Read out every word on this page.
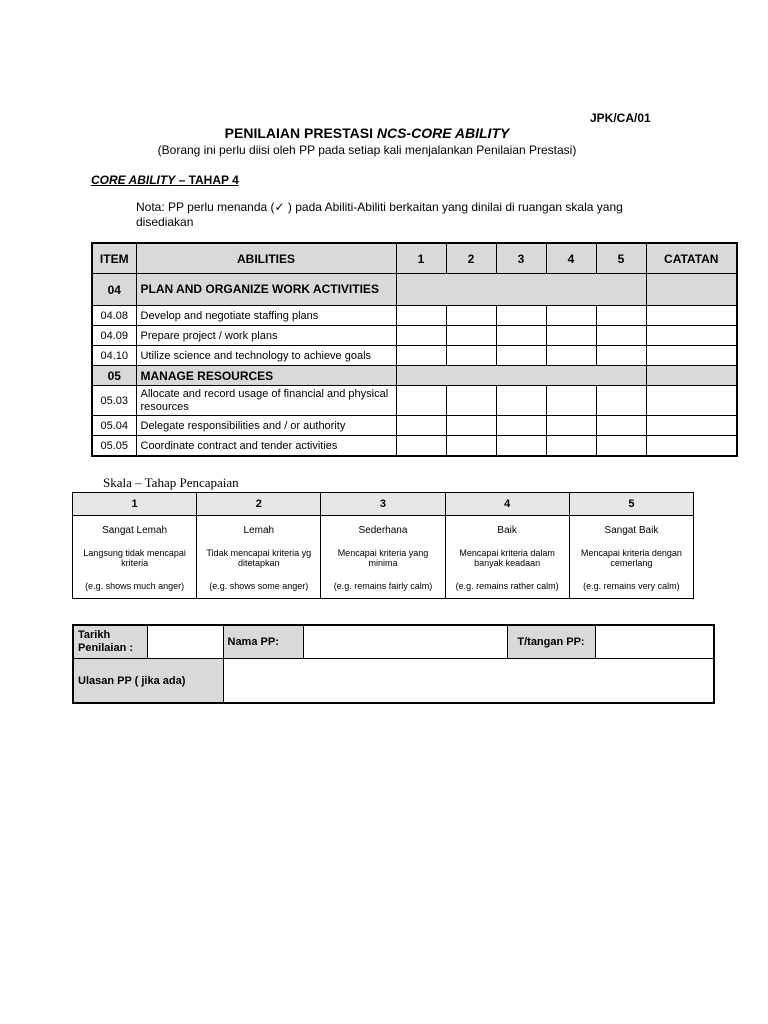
JPK/CA/01
PENILAIAN PRESTASI NCS-CORE ABILITY
(Borang ini perlu diisi oleh PP pada setiap kali menjalankan Penilaian Prestasi)
CORE ABILITY – TAHAP 4
Nota: PP perlu menanda (✓ ) pada Abiliti-Abiliti berkaitan yang dinilai di ruangan skala yang disediakan
ITEM	ABILITIES	1	2	3	4	5	CATATAN
04	PLAN AND ORGANIZE WORK ACTIVITIES						
04.08	Develop and negotiate staffing plans						
04.09	Prepare project / work plans						
04.10	Utilize science and technology to achieve goals						
05	MANAGE RESOURCES						
05.03	Allocate and record usage of financial and physical resources						
05.04	Delegate responsibilities and / or authority						
05.05	Coordinate contract and tender activities						
Skala – Tahap Pencapaian
1	2	3	4	5
Sangat Lemah	Lemah	Sederhana	Baik	Sangat Baik
Langsung tidak mencapai kriteria	Tidak mencapai kriteria yg ditetapkan	Mencapai kriteria yang minima	Mencapai kriteria dalam banyak keadaan	Mencapai kriteria dengan cemerlang
(e.g. shows much anger)	(e.g. shows some anger)	(e.g. remains fairly calm)	(e.g. remains rather calm)	(e.g. remains very calm)
Tarikh Penilaian :		Nama PP:		T/tangan PP:	
Ulasan PP ( jika ada)					
